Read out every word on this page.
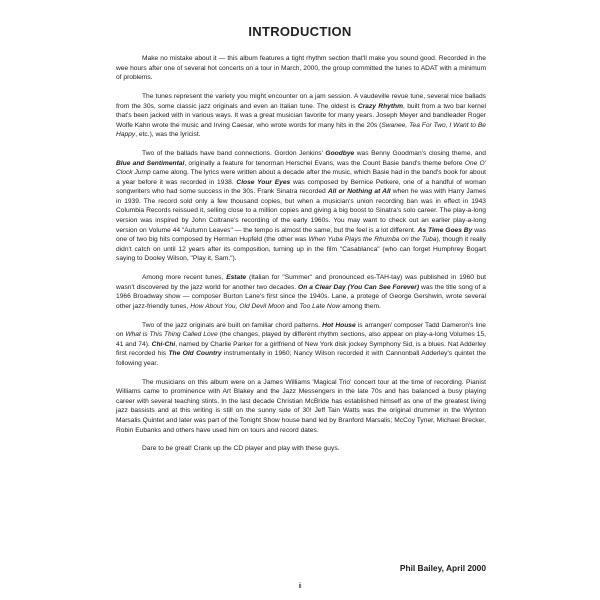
INTRODUCTION

Make no mistake about it — this album features a tight rhythm section that'll make you sound good. Recorded in the wee hours after one of several hot concerts on a tour in March, 2000, the group committed the tunes to ADAT with a minimum of problems.

The tunes represent the variety you might encounter on a jam session. A vaudeville revue tune, several nice ballads from the 30s, some classic jazz originals and even an Italian tune. The oldest is Crazy Rhythm, built from a two bar kernel that's been jacked with in various ways. It was a great musician favorite for many years. Joseph Meyer and bandleader Roger Wolfe Kahn wrote the music and Irving Caesar, who wrote words for many hits in the 20s (Swanee, Tea For Two, I Want to Be Happy, etc.), was the lyricist.

Two of the ballads have band connections. Gordon Jenkins' Goodbye was Benny Goodman's closing theme, and Blue and Sentimental, originally a feature for tenorman Herschel Evans, was the Count Basie band's theme before One O' Clock Jump came along. The lyrics were written about a decade after the music, which Basie had in the band's book for about a year before it was recorded in 1938. Close Your Eyes was composed by Bernice Petkere, one of a handful of woman songwriters who had some success in the 30s. Frank Sinatra recorded All or Nothing at All when he was with Harry James in 1939. The record sold only a few thousand copies, but when a musician's union recording ban was in effect in 1943 Columbia Records reissued it, selling close to a million copies and giving a big boost to Sinatra's solo career. The play-a-long version was inspired by John Coltrane's recording of the early 1960s. You may want to check out an earlier play-a-long version on Volume 44 "Autumn Leaves" — the tempo is almost the same, but the feel is a lot different. As Time Goes By was one of two big hits composed by Herman Hupfeld (the other was When Yuba Plays the Rhumba on the Tuba), though it really didn't catch on until 12 years after its composition, turning up in the film "Casablanca" (who can forget Humphrey Bogart saying to Dooley Wilson, "Play it, Sam.").

Among more recent tunes, Estate (Italian for "Summer" and pronounced es-TAH-tay) was published in 1960 but wasn't discovered by the jazz world for another two decades. On a Clear Day (You Can See Forever) was the title song of a 1966 Broadway show — composer Burton Lane's first since the 1940s. Lane, a protege of George Gershwin, wrote several other jazz-friendly tunes, How About You, Old Devil Moon and Too Late Now among them.

Two of the jazz originals are built on familiar chord patterns. Hot House is arranger/ composer Tadd Dameron's line on What is This Thing Called Love (the changes, played by different rhythm sections, also appear on play-a-long Volumes 15, 41 and 74). Chi-Chi, named by Charlie Parker for a girlfriend of New York disk jockey Symphony Sid, is a blues. Nat Adderley first recorded his The Old Country instrumentally in 1960; Nancy Wilson recorded it with Cannonball Adderley's quintet the following year.

The musicians on this album were on a James Williams 'Magical Trio' concert tour at the time of recording. Pianist Williams came to prominence with Art Blakey and the Jazz Messengers in the late 70s and has balanced a busy playing career with several teaching stints. In the last decade Christian McBride has established himself as one of the greatest living jazz bassists and at this writing is still on the sunny side of 30! Jeff Tain Watts was the original drummer in the Wynton Marsalis Quintet and later was part of the Tonight Show house band led by Branford Marsalis; McCoy Tyner, Michael Brecker, Robin Eubanks and others have used him on tours and record dates.

Dare to be great! Crank up the CD player and play with these guys.

Phil Bailey, April 2000
ii
